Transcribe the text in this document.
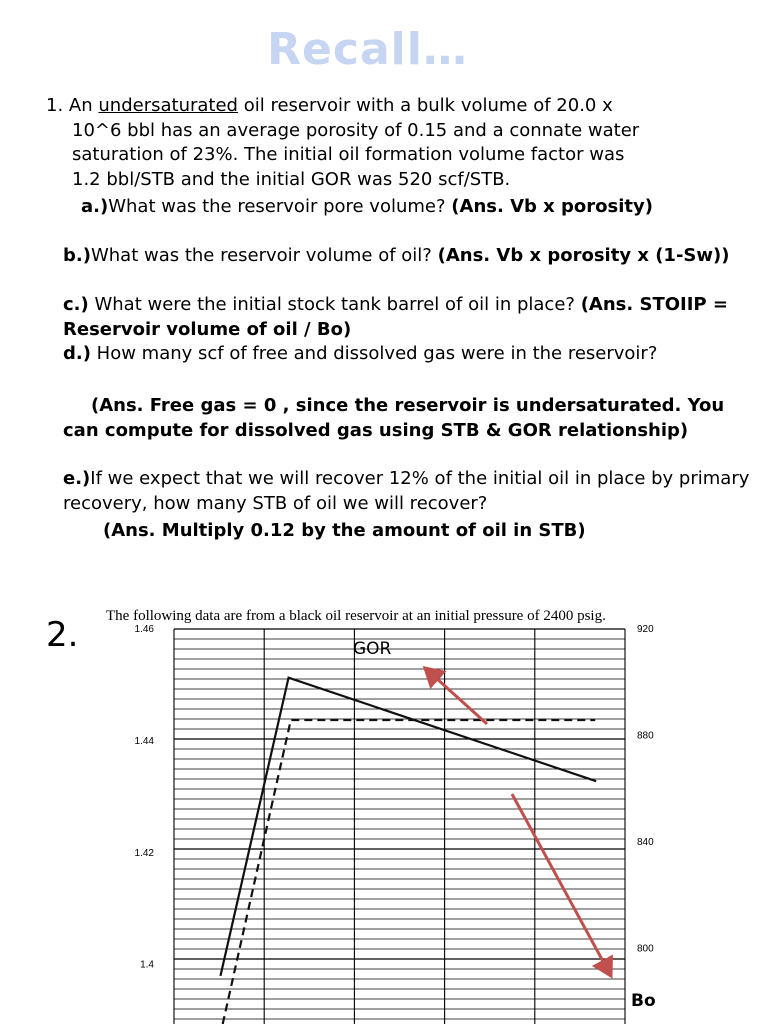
Recall…
1. An undersaturated oil reservoir with a bulk volume of 20.0 x
10^6 bbl has an average porosity of 0.15 and a connate water
saturation of 23%. The initial oil formation volume factor was
1.2 bbl/STB and the initial GOR was 520 scf/STB.
a.)What was the reservoir pore volume? (Ans. Vb x porosity)
b.)What was the reservoir volume of oil? (Ans. Vb x porosity x (1-Sw))
c.) What were the initial stock tank barrel of oil in place? (Ans. STOIIP = Reservoir volume of oil / Bo)
d.) How many scf of free and dissolved gas were in the reservoir?
(Ans. Free gas = 0 , since the reservoir is undersaturated. You can compute for dissolved gas using STB & GOR relationship)
e.)If we expect that we will recover 12% of the initial oil in place by primary recovery, how many STB of oil we will recover?
(Ans. Multiply 0.12 by the amount of oil in STB)
2. The following data are from a black oil reservoir at an initial pressure of 2400 psig.
1.46
1.44
1.42
1.4
920
880
840
800
GOR
Bo
